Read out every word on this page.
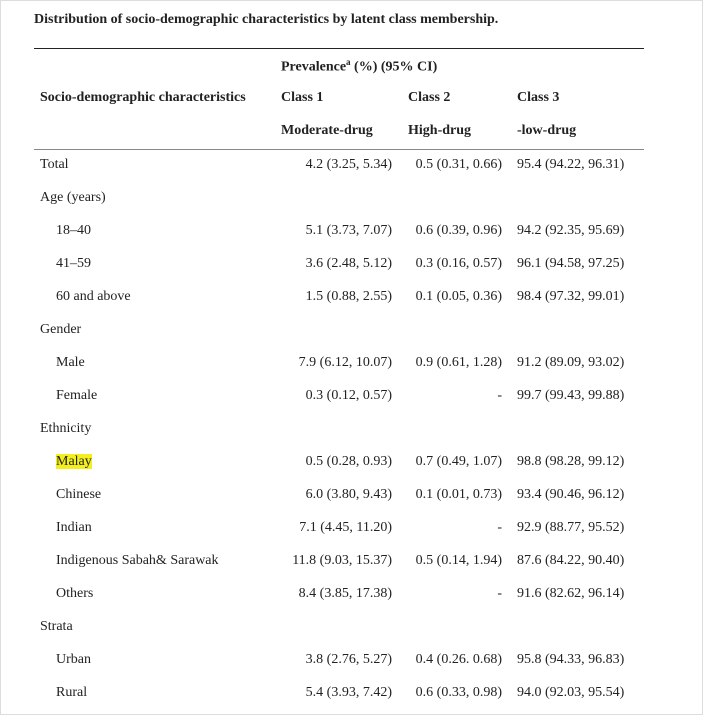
Distribution of socio-demographic characteristics by latent class membership.
Prevalence$^a$ (%) (95% CI)
Socio-demographic characteristics	Class 1	Class 2	Class 3
Moderate-drug	High-drug	-low-drug
Total	4.2 (3.25, 5.34) 0.5 (0.31, 0.66) 95.4 (94.22, 96.31)
Age (years)
18–40	5.1 (3.73, 7.07) 0.6 (0.39, 0.96) 94.2 (92.35, 95.69)
41–59	3.6 (2.48, 5.12) 0.3 (0.16, 0.57) 96.1 (94.58, 97.25)
60 and above	1.5 (0.88, 2.55) 0.1 (0.05, 0.36) 98.4 (97.32, 99.01)
Gender
Male	7.9 (6.12, 10.07) 0.9 (0.61, 1.28) 91.2 (89.09, 93.02)
Female	0.3 (0.12, 0.57)	- 99.7 (99.43, 99.88)
Ethnicity
Malay	0.5 (0.28, 0.93) 0.7 (0.49, 1.07) 98.8 (98.28, 99.12)
Chinese	6.0 (3.80, 9.43) 0.1 (0.01, 0.73) 93.4 (90.46, 96.12)
Indian	7.1 (4.45, 11.20)	- 92.9 (88.77, 95.52)
Indigenous Sabah& Sarawak	11.8 (9.03, 15.37) 0.5 (0.14, 1.94) 87.6 (84.22, 90.40)
Others	8.4 (3.85, 17.38)	- 91.6 (82.62, 96.14)
Strata
Urban	3.8 (2.76, 5.27) 0.4 (0.26. 0.68) 95.8 (94.33, 96.83)
Rural	5.4 (3.93, 7.42) 0.6 (0.33, 0.98) 94.0 (92.03, 95.54)
